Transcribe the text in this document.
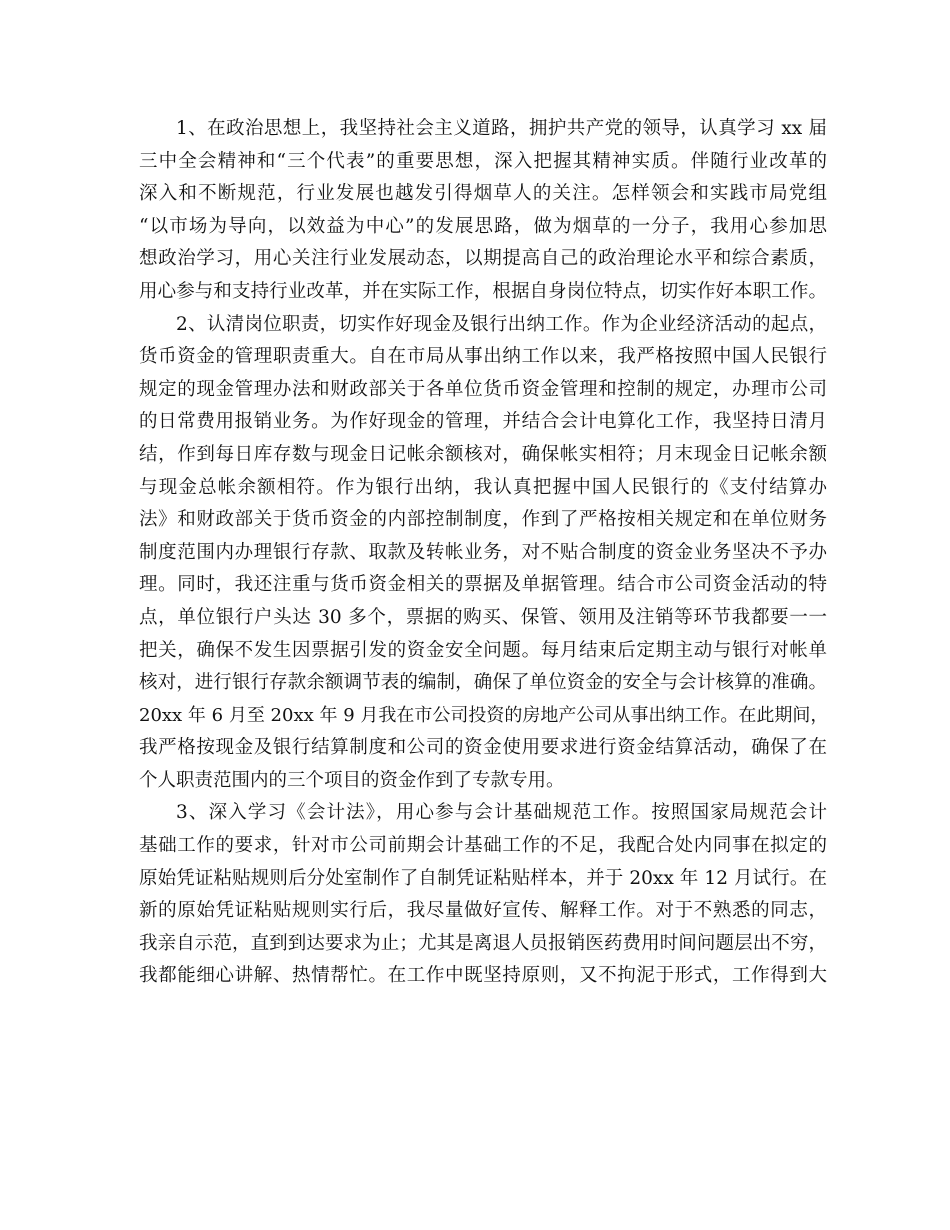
1、在政治思想上，我坚持社会主义道路，拥护共产党的领导，认真学习 xx 届
三中全会精神和“三个代表”的重要思想，深入把握其精神实质。伴随行业改革的
深入和不断规范，行业发展也越发引得烟草人的关注。怎样领会和实践市局党组
“以市场为导向，以效益为中心”的发展思路，做为烟草的一分子，我用心参加思
想政治学习，用心关注行业发展动态，以期提高自己的政治理论水平和综合素质，
用心参与和支持行业改革，并在实际工作，根据自身岗位特点，切实作好本职工作。
2、认清岗位职责，切实作好现金及银行出纳工作。作为企业经济活动的起点，
货币资金的管理职责重大。自在市局从事出纳工作以来，我严格按照中国人民银行
规定的现金管理办法和财政部关于各单位货币资金管理和控制的规定，办理市公司
的日常费用报销业务。为作好现金的管理，并结合会计电算化工作，我坚持日清月
结，作到每日库存数与现金日记帐余额核对，确保帐实相符；月末现金日记帐余额
与现金总帐余额相符。作为银行出纳，我认真把握中国人民银行的《支付结算办
法》和财政部关于货币资金的内部控制制度，作到了严格按相关规定和在单位财务
制度范围内办理银行存款、取款及转帐业务，对不贴合制度的资金业务坚决不予办
理。同时，我还注重与货币资金相关的票据及单据管理。结合市公司资金活动的特
点，单位银行户头达 30 多个，票据的购买、保管、领用及注销等环节我都要一一
把关，确保不发生因票据引发的资金安全问题。每月结束后定期主动与银行对帐单
核对，进行银行存款余额调节表的编制，确保了单位资金的安全与会计核算的准确。
20xx 年 6 月至 20xx 年 9 月我在市公司投资的房地产公司从事出纳工作。在此期间，
我严格按现金及银行结算制度和公司的资金使用要求进行资金结算活动，确保了在
个人职责范围内的三个项目的资金作到了专款专用。
3、深入学习《会计法》，用心参与会计基础规范工作。按照国家局规范会计
基础工作的要求，针对市公司前期会计基础工作的不足，我配合处内同事在拟定的
原始凭证粘贴规则后分处室制作了自制凭证粘贴样本，并于 20xx 年 12 月试行。在
新的原始凭证粘贴规则实行后，我尽量做好宣传、解释工作。对于不熟悉的同志，
我亲自示范，直到到达要求为止；尤其是离退人员报销医药费用时间问题层出不穷，
我都能细心讲解、热情帮忙。在工作中既坚持原则，又不拘泥于形式，工作得到大
